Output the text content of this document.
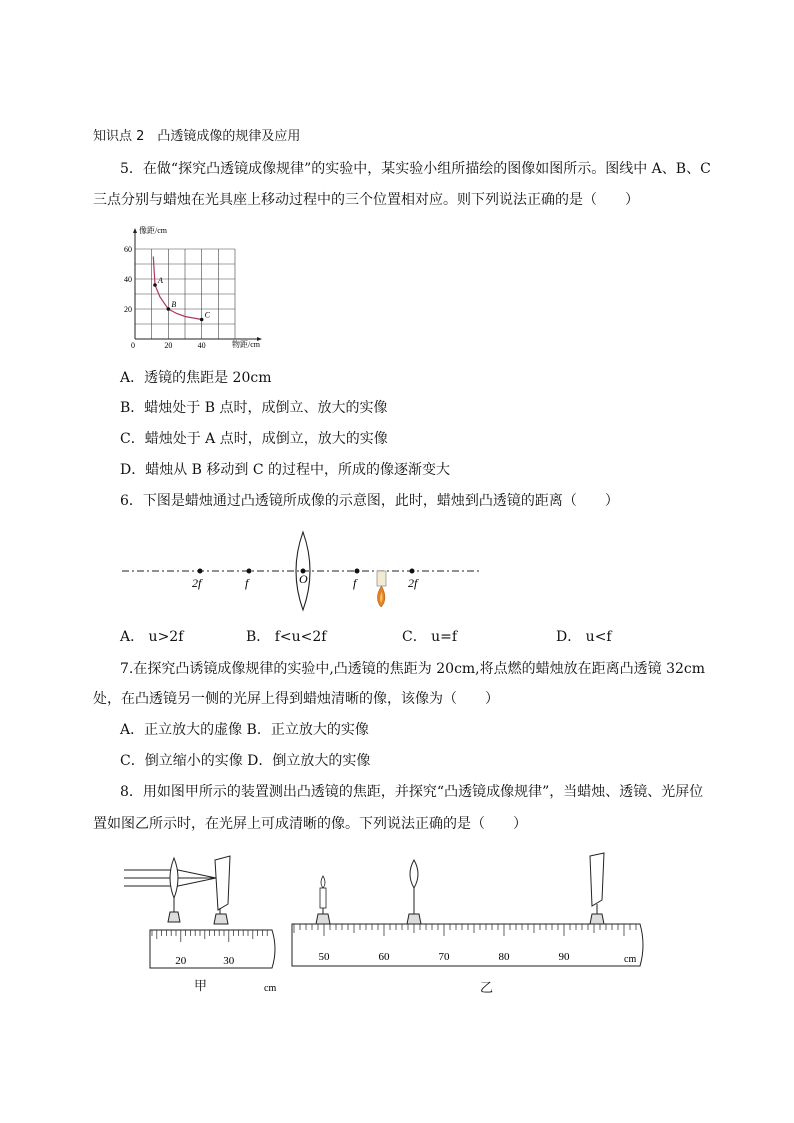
知识点 2　凸透镜成像的规律及应用
5．在做“探究凸透镜成像规律”的实验中，某实验小组所描绘的图像如图所示。图线中 A、B、C
三点分别与蜡烛在光具座上移动过程中的三个位置相对应。则下列说法正确的是（　　）
A
B
C
0	20	40
20
40
60
像距/cm
物距/cm
A．透镜的焦距是 20cm
B．蜡烛处于 B 点时，成倒立、放大的实像
C．蜡烛处于 A 点时，成倒立，放大的实像
D．蜡烛从 B 移动到 C 的过程中，所成的像逐渐变大
6．下图是蜡烛通过凸透镜所成像的示意图，此时，蜡烛到凸透镜的距离（　　）
2f	f	O	f	2f
A． u>2f	B． f<u<2f	C． u=f	D． u<f
7.在探究凸诱镜成像规律的实验中,凸透镜的焦距为 20cm,将点燃的蜡烛放在距离凸透镜 32cm
处，在凸透镜另一侧的光屏上得到蜡烛清晰的像，该像为（　　）
A．正立放大的虚像 B．正立放大的实像
C．倒立缩小的实像 D．倒立放大的实像
8．用如图甲所示的装置测出凸透镜的焦距，并探究“凸透镜成像规律”，当蜡烛、透镜、光屏位
置如图乙所示时，在光屏上可成清晰的像。下列说法正确的是（　　）
20	30
cm
甲
50	60	70	80	90	cm
乙
